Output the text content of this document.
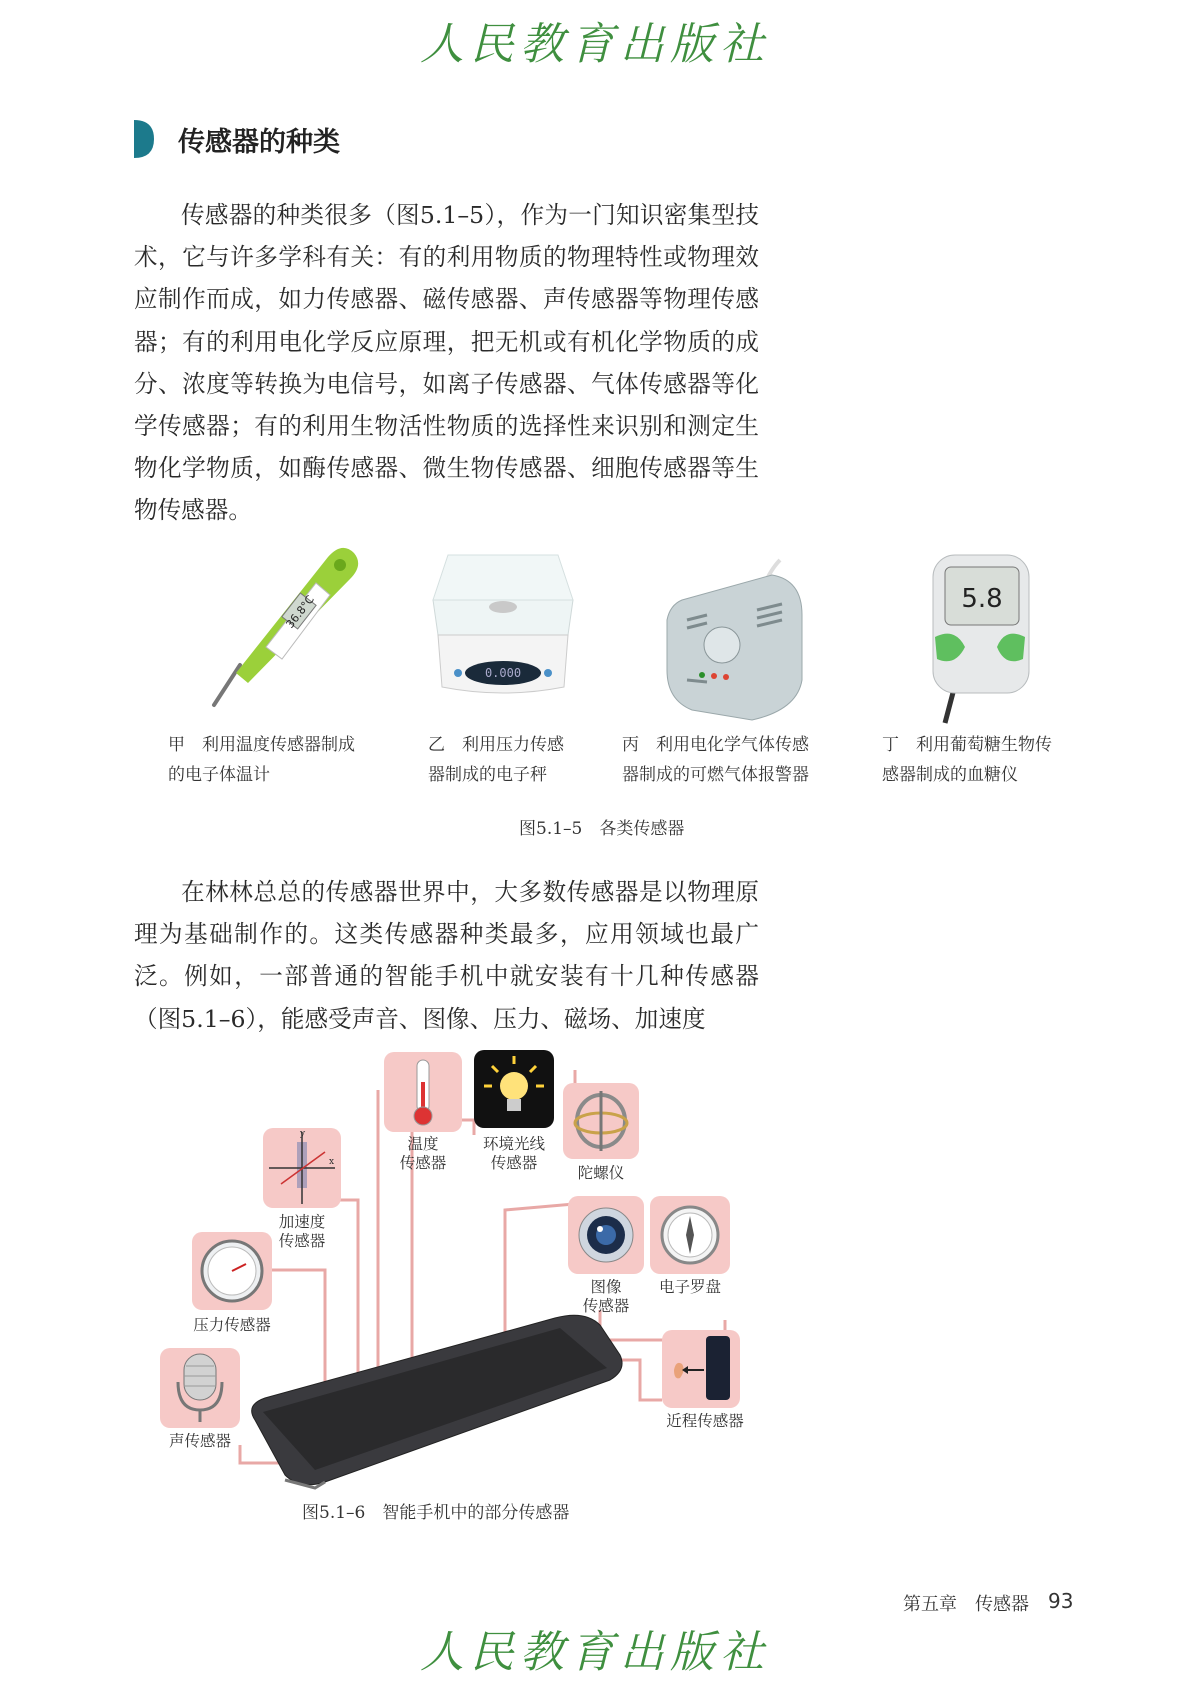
人民教育出版社
传感器的种类

传感器的种类很多（图5.1–5），作为一门知识密集型技术，它与许多学科有关：有的利用物质的物理特性或物理效应制作而成，如力传感器、磁传感器、声传感器等物理传感器；有的利用电化学反应原理，把无机或有机化学物质的成分、浓度等转换为电信号，如离子传感器、气体传感器等化学传感器；有的利用生物活性物质的选择性来识别和测定生物化学物质，如酶传感器、微生物传感器、细胞传感器等生物传感器。

36.8°C
0.000
5.8
甲　利用温度传感器制成
的电子体温计
乙　利用压力传感
器制成的电子秤
丙　利用电化学气体传感
器制成的可燃气体报警器
丁　利用葡萄糖生物传
感器制成的血糖仪
图5.1–5　各类传感器

在林林总总的传感器世界中，大多数传感器是以物理原理为基础制作的。这类传感器种类最多，应用领域也最广泛。例如，一部普通的智能手机中就安装有十几种传感器（图5.1–6），能感受声音、图像、压力、磁场、加速度

温度
传感器
环境光线
传感器
陀螺仪
y
x
加速度
传感器
图像
传感器
电子罗盘
压力传感器
声传感器
近程传感器
图5.1–6　智能手机中的部分传感器
第五章　传感器 93
人民教育出版社
